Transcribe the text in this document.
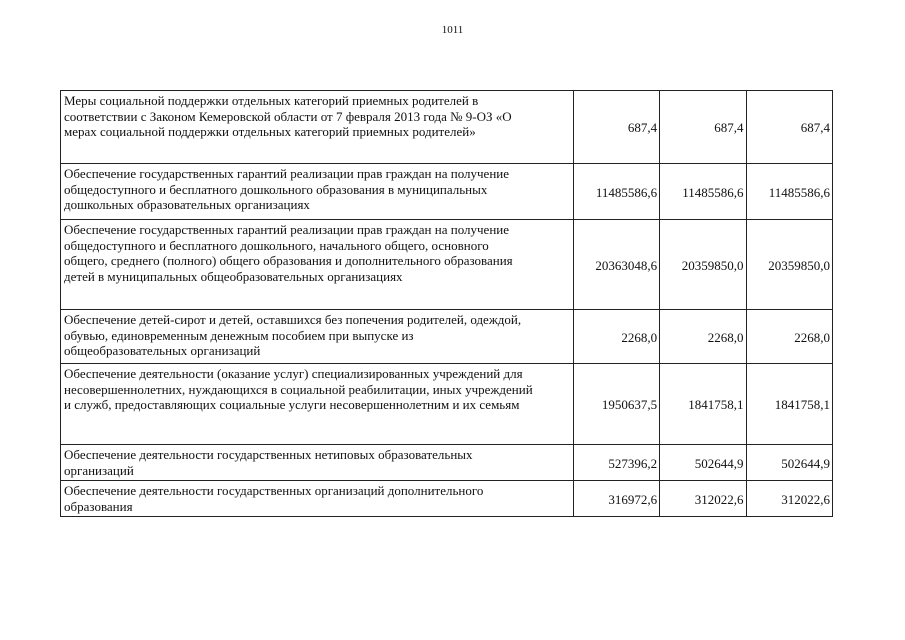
1011
Меры социальной поддержки отдельных категорий приемных родителей в
соответствии с Законом Кемеровской области от 7 февраля 2013 года № 9-ОЗ «О
мерах социальной поддержки отдельных категорий приемных родителей»	687,4	687,4	687,4
Обеспечение государственных гарантий реализации прав граждан на получение
общедоступного и бесплатного дошкольного образования в муниципальных
дошкольных образовательных организациях	11485586,6	11485586,6	11485586,6
Обеспечение государственных гарантий реализации прав граждан на получение
общедоступного и бесплатного дошкольного, начального общего, основного
общего, среднего (полного) общего образования и дополнительного образования
детей в муниципальных общеобразовательных организациях	20363048,6	20359850,0	20359850,0
Обеспечение детей-сирот и детей, оставшихся без попечения родителей, одеждой,
обувью, единовременным денежным пособием при выпуске из
общеобразовательных организаций	2268,0	2268,0	2268,0
Обеспечение деятельности (оказание услуг) специализированных учреждений для
несовершеннолетних, нуждающихся в социальной реабилитации, иных учреждений
и служб, предоставляющих социальные услуги несовершеннолетним и их семьям	1950637,5	1841758,1	1841758,1
Обеспечение деятельности государственных нетиповых образовательных
организаций	527396,2	502644,9	502644,9
Обеспечение деятельности государственных организаций дополнительного
образования	316972,6	312022,6	312022,6
